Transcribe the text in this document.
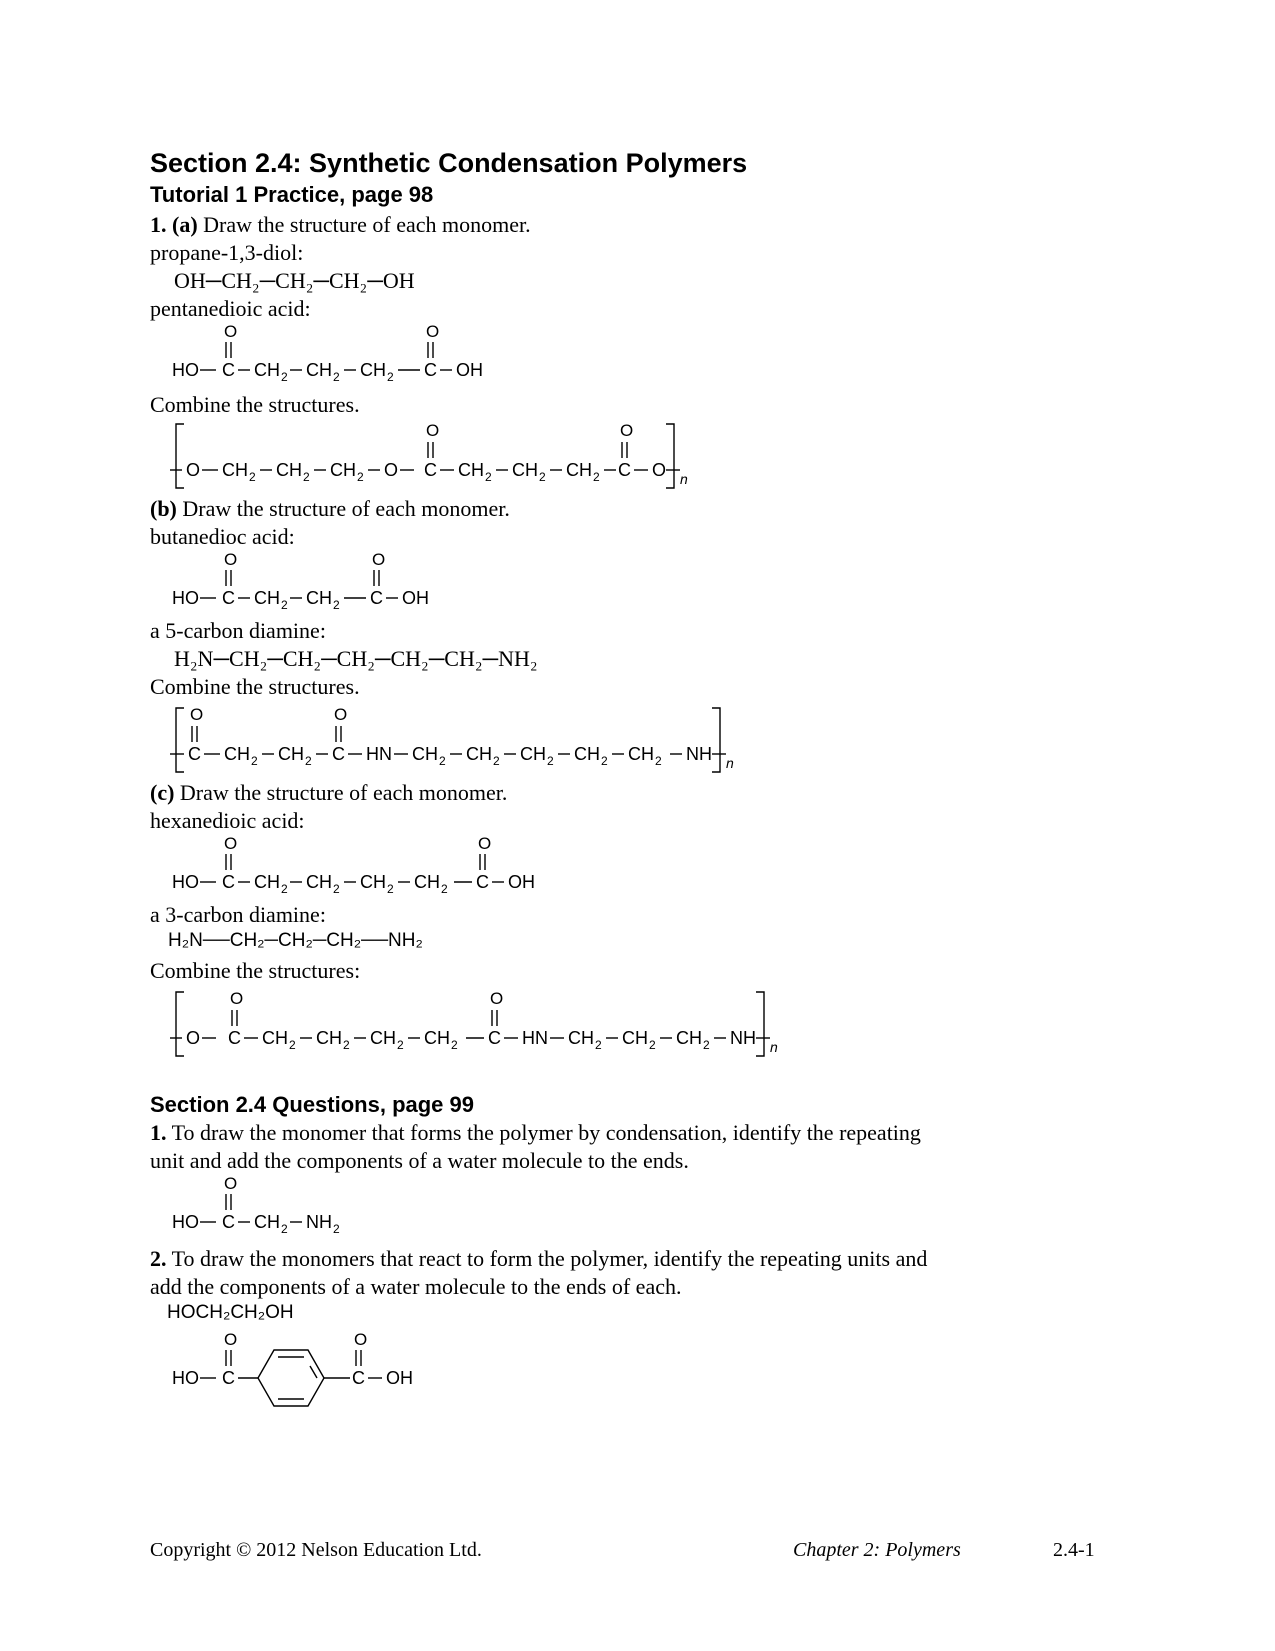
Section 2.4: Synthetic Condensation Polymers
Tutorial 1 Practice, page 98
1. (a) Draw the structure of each monomer.
propane-1,3-diol:
OH─CH₂─CH₂─CH₂─OH
pentanedioic acid:
O	O
HO C CH 2 CH 2 CH 2 C OH
Combine the structures.
O CH 2 CH 2 CH 2 O
O
C CH 2 CH 2 CH 2
O
C O n
(b) Draw the structure of each monomer.
butanedioc acid:
O	O
HO C CH 2 CH 2 C OH
a 5-carbon diamine:
H₂N─CH₂─CH₂─CH₂─CH₂─CH₂─NH₂
Combine the structures.
O
C CH 2 CH 2
O
C HN CH 2 CH 2 CH 2 CH 2 CH 2 NH n
(c) Draw the structure of each monomer.
hexanedioic acid:
O	O
HO C CH 2 CH 2 CH 2 CH 2 C OH
a 3-carbon diamine:
H₂N──CH₂─CH₂─CH₂──NH₂
Combine the structures:
O
O
C CH 2 CH 2 CH 2 CH 2
O
C HN CH 2 CH 2 CH 2 NH n
Section 2.4 Questions, page 99
1. To draw the monomer that forms the polymer by condensation, identify the repeating
unit and add the components of a water molecule to the ends.
O
HO C CH 2 NH 2
2. To draw the monomers that react to form the polymer, identify the repeating units and
add the components of a water molecule to the ends of each.
HOCH₂CH₂OH
O
HO C
O
C OH
Copyright © 2012 Nelson Education Ltd.	Chapter 2: Polymers	2.4-1
